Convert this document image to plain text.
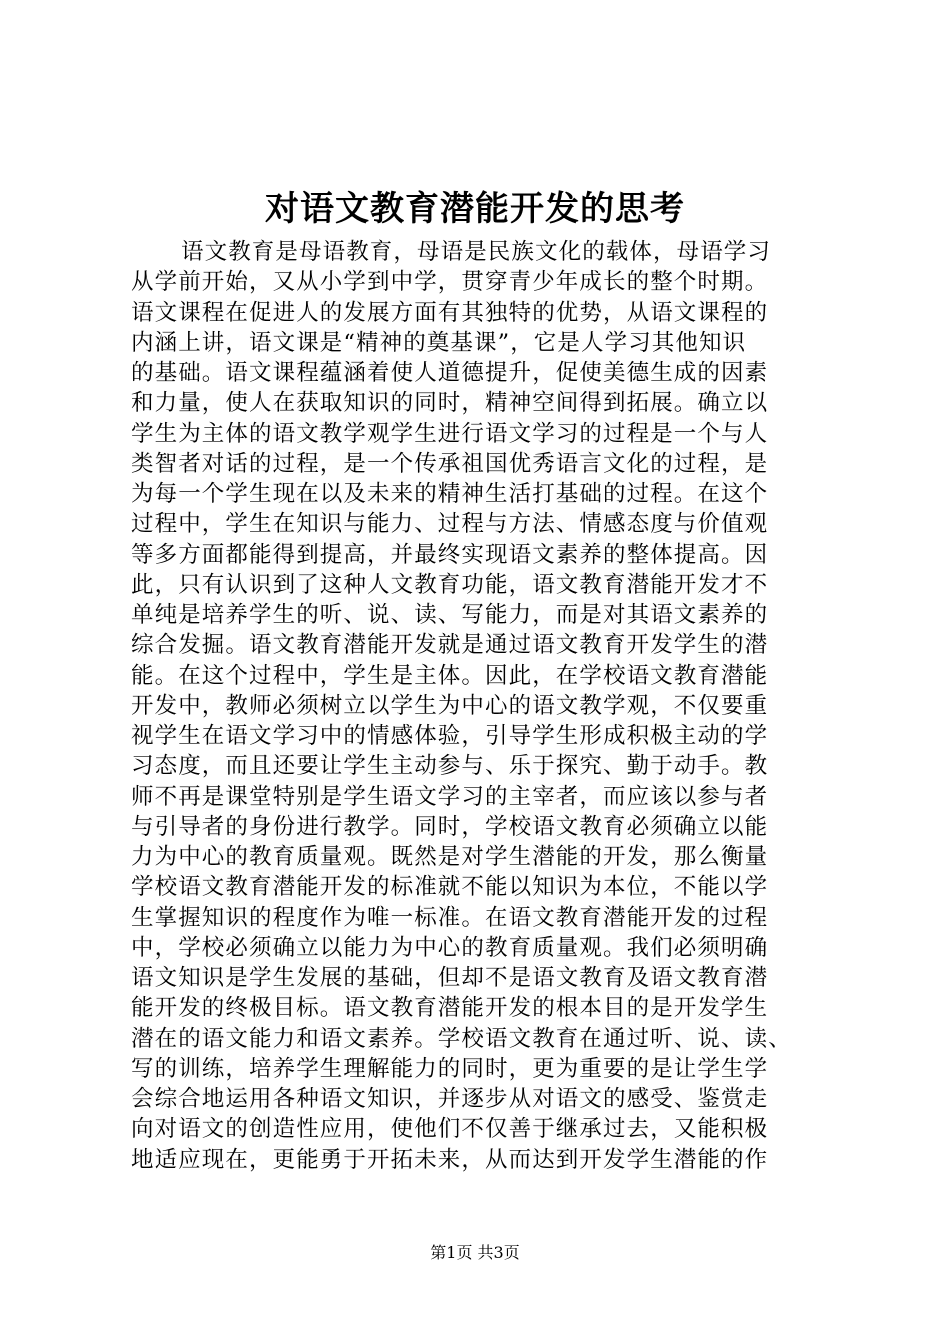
对语文教育潜能开发的思考
语文教育是母语教育，母语是民族文化的载体，母语学习
从学前开始，又从小学到中学，贯穿青少年成长的整个时期。
语文课程在促进人的发展方面有其独特的优势，从语文课程的
内涵上讲，语文课是“精神的奠基课”，它是人学习其他知识
的基础。语文课程蕴涵着使人道德提升，促使美德生成的因素
和力量，使人在获取知识的同时，精神空间得到拓展。确立以
学生为主体的语文教学观学生进行语文学习的过程是一个与人
类智者对话的过程，是一个传承祖国优秀语言文化的过程，是
为每一个学生现在以及未来的精神生活打基础的过程。在这个
过程中，学生在知识与能力、过程与方法、情感态度与价值观
等多方面都能得到提高，并最终实现语文素养的整体提高。因
此，只有认识到了这种人文教育功能，语文教育潜能开发才不
单纯是培养学生的听、说、读、写能力，而是对其语文素养的
综合发掘。语文教育潜能开发就是通过语文教育开发学生的潜
能。在这个过程中，学生是主体。因此，在学校语文教育潜能
开发中，教师必须树立以学生为中心的语文教学观，不仅要重
视学生在语文学习中的情感体验，引导学生形成积极主动的学
习态度，而且还要让学生主动参与、乐于探究、勤于动手。教
师不再是课堂特别是学生语文学习的主宰者，而应该以参与者
与引导者的身份进行教学。同时，学校语文教育必须确立以能
力为中心的教育质量观。既然是对学生潜能的开发，那么衡量
学校语文教育潜能开发的标准就不能以知识为本位，不能以学
生掌握知识的程度作为唯一标准。在语文教育潜能开发的过程
中，学校必须确立以能力为中心的教育质量观。我们必须明确
语文知识是学生发展的基础，但却不是语文教育及语文教育潜
能开发的终极目标。语文教育潜能开发的根本目的是开发学生
潜在的语文能力和语文素养。学校语文教育在通过听、说、读、
写的训练，培养学生理解能力的同时，更为重要的是让学生学
会综合地运用各种语文知识，并逐步从对语文的感受、鉴赏走
向对语文的创造性应用，使他们不仅善于继承过去，又能积极
地适应现在，更能勇于开拓未来，从而达到开发学生潜能的作
第1页 共3页
